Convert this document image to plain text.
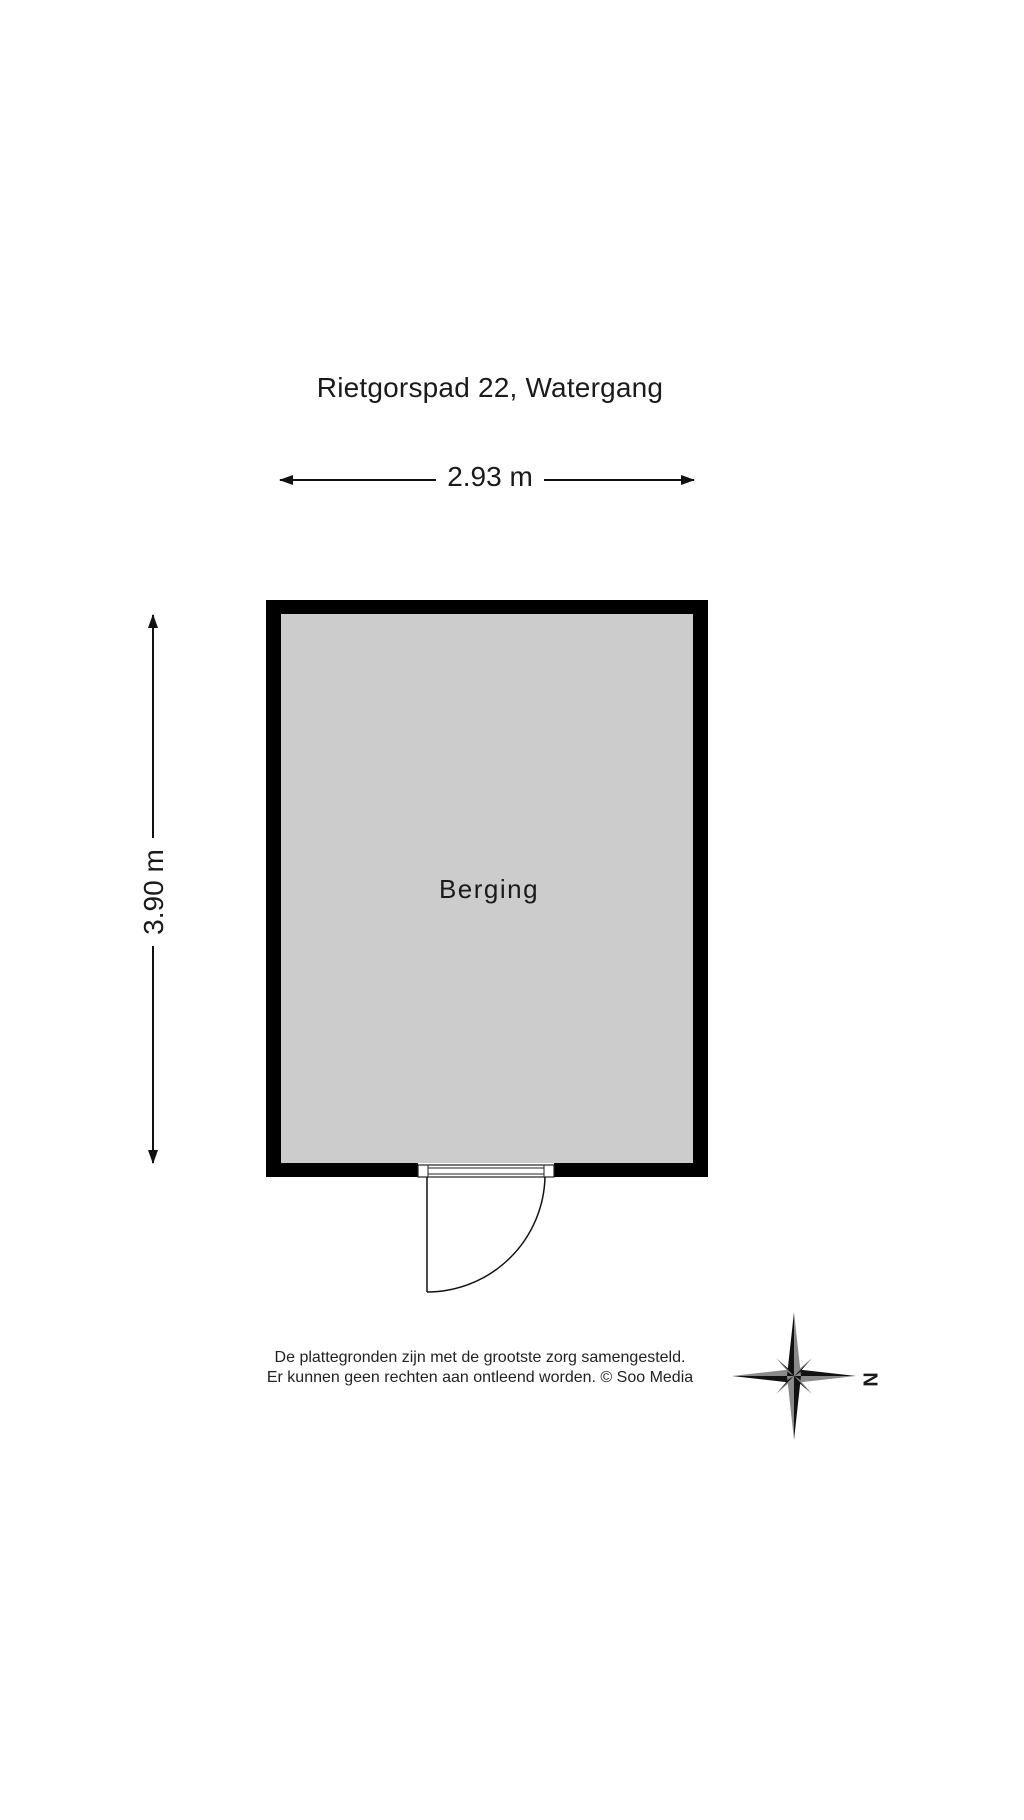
Rietgorspad 22, Watergang
2.93 m
3.90 m	Berging
De plattegronden zijn met de grootste zorg samengesteld.
Er kunnen geen rechten aan ontleend worden. © Soo Media	N
